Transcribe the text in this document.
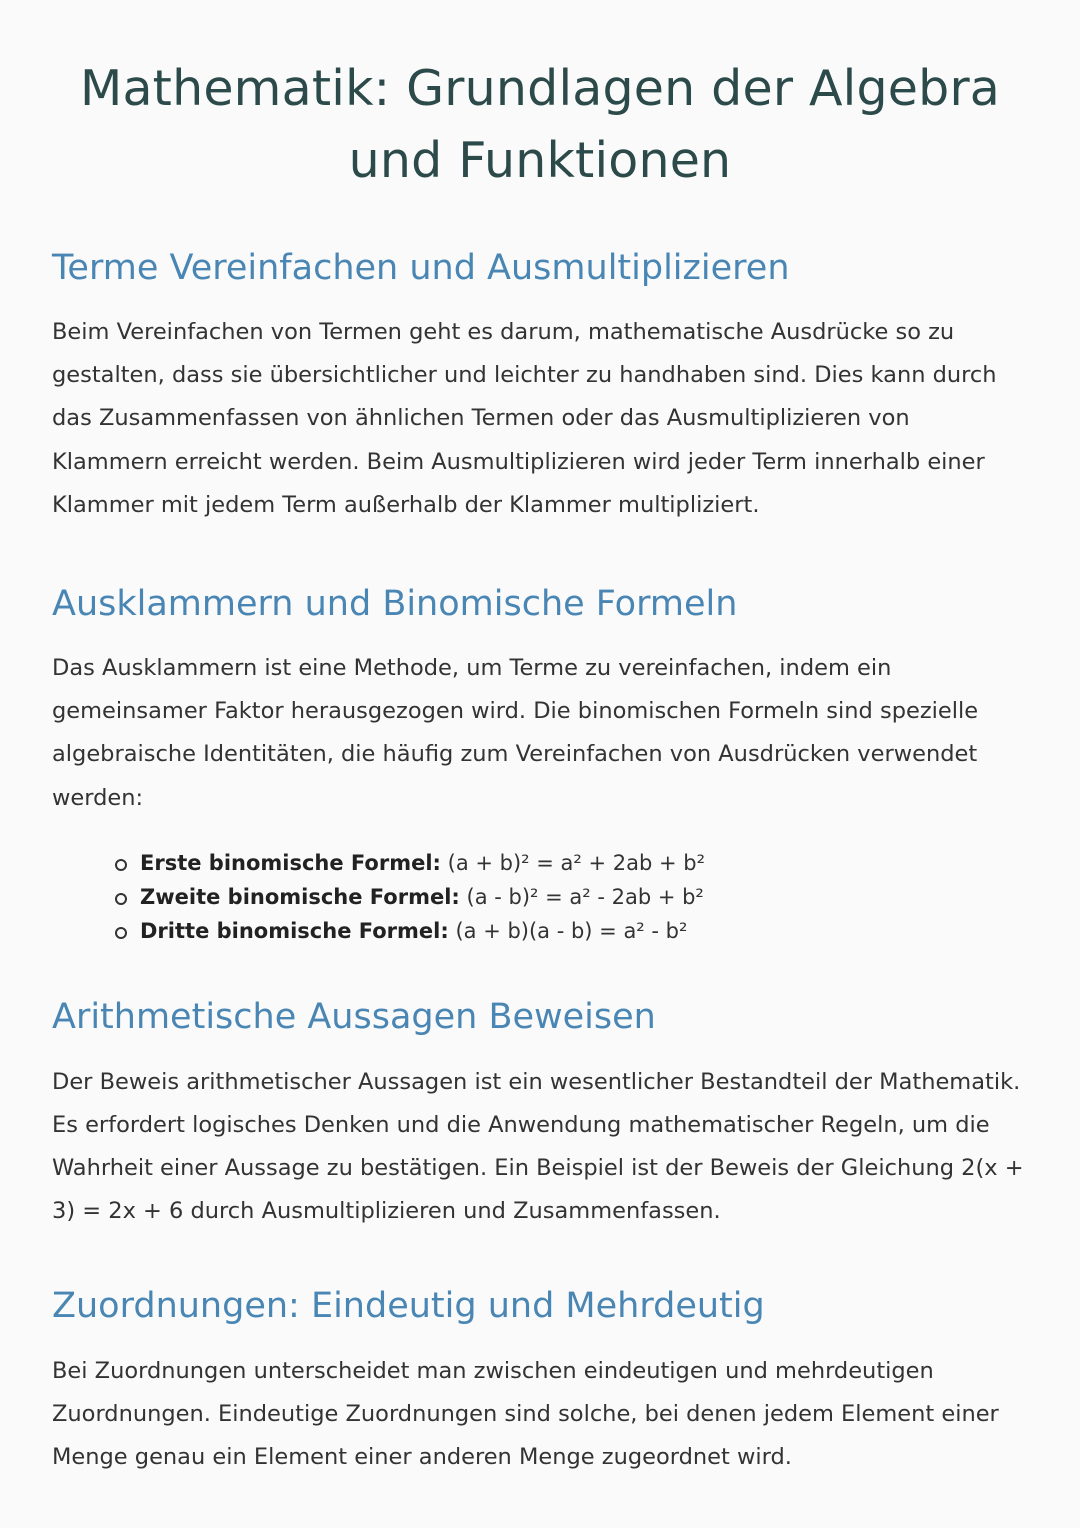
Mathematik: Grundlagen der Algebra und Funktionen
Terme Vereinfachen und Ausmultiplizieren

Beim Vereinfachen von Termen geht es darum, mathematische Ausdrücke so zu gestalten, dass sie übersichtlicher und leichter zu handhaben sind. Dies kann durch das Zusammenfassen von ähnlichen Termen oder das Ausmultiplizieren von Klammern erreicht werden. Beim Ausmultiplizieren wird jeder Term innerhalb einer Klammer mit jedem Term außerhalb der Klammer multipliziert.

Ausklammern und Binomische Formeln

Das Ausklammern ist eine Methode, um Terme zu vereinfachen, indem ein gemeinsamer Faktor herausgezogen wird. Die binomischen Formeln sind spezielle algebraische Identitäten, die häufig zum Vereinfachen von Ausdrücken verwendet werden:

Erste binomische Formel: (a + b)² = a² + 2ab + b²
Zweite binomische Formel: (a - b)² = a² - 2ab + b²
Dritte binomische Formel: (a + b)(a - b) = a² - b²
Arithmetische Aussagen Beweisen

Der Beweis arithmetischer Aussagen ist ein wesentlicher Bestandteil der Mathematik. Es erfordert logisches Denken und die Anwendung mathematischer Regeln, um die Wahrheit einer Aussage zu bestätigen. Ein Beispiel ist der Beweis der Gleichung 2(x + 3) = 2x + 6 durch Ausmultiplizieren und Zusammenfassen.

Zuordnungen: Eindeutig und Mehrdeutig

Bei Zuordnungen unterscheidet man zwischen eindeutigen und mehrdeutigen Zuordnungen. Eindeutige Zuordnungen sind solche, bei denen jedem Element einer Menge genau ein Element einer anderen Menge zugeordnet wird.
